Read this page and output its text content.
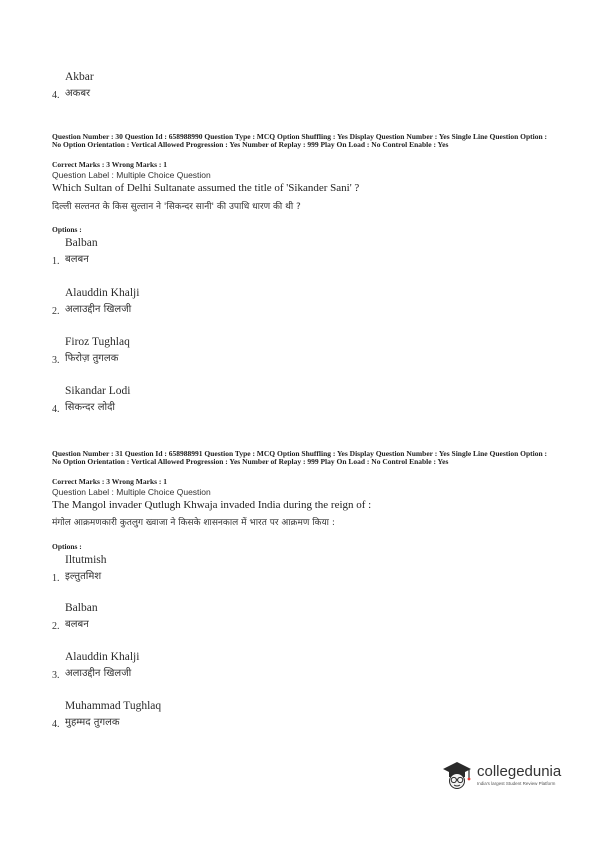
Akbar
4. अकबर
Question Number : 30 Question Id : 658988990 Question Type : MCQ Option Shuffling : Yes Display Question Number : Yes Single Line Question Option : No Option Orientation : Vertical Allowed Progression : Yes Number of Replay : 999 Play On Load : No Control Enable : Yes
Correct Marks : 3 Wrong Marks : 1
Question Label : Multiple Choice Question
Which Sultan of Delhi Sultanate assumed the title of 'Sikander Sani' ?
दिल्ली सल्तनत के किस सुल्तान ने 'सिकन्दर सानी' की उपाधि धारण की थी ?
Options :
Balban
1. बलबन
Alauddin Khalji
2. अलाउद्दीन खिलजी
Firoz Tughlaq
3. फिरोज़ तुगलक
Sikandar Lodi
4. सिकन्दर लोदी
Question Number : 31 Question Id : 658988991 Question Type : MCQ Option Shuffling : Yes Display Question Number : Yes Single Line Question Option : No Option Orientation : Vertical Allowed Progression : Yes Number of Replay : 999 Play On Load : No Control Enable : Yes
Correct Marks : 3 Wrong Marks : 1
Question Label : Multiple Choice Question
The Mangol invader Qutlugh Khwaja invaded India during the reign of :
मंगोल आक्रमणकारी कुतलुग ख्वाजा ने किसके शासनकाल में भारत पर आक्रमण किया :
Options :
Iltutmish
1. इल्तुतमिश
Balban
2. बलबन
Alauddin Khalji
3. अलाउद्दीन खिलजी
Muhammad Tughlaq
4. मुहम्मद तुगलक
collegedunia
India's largest Student Review Platform
